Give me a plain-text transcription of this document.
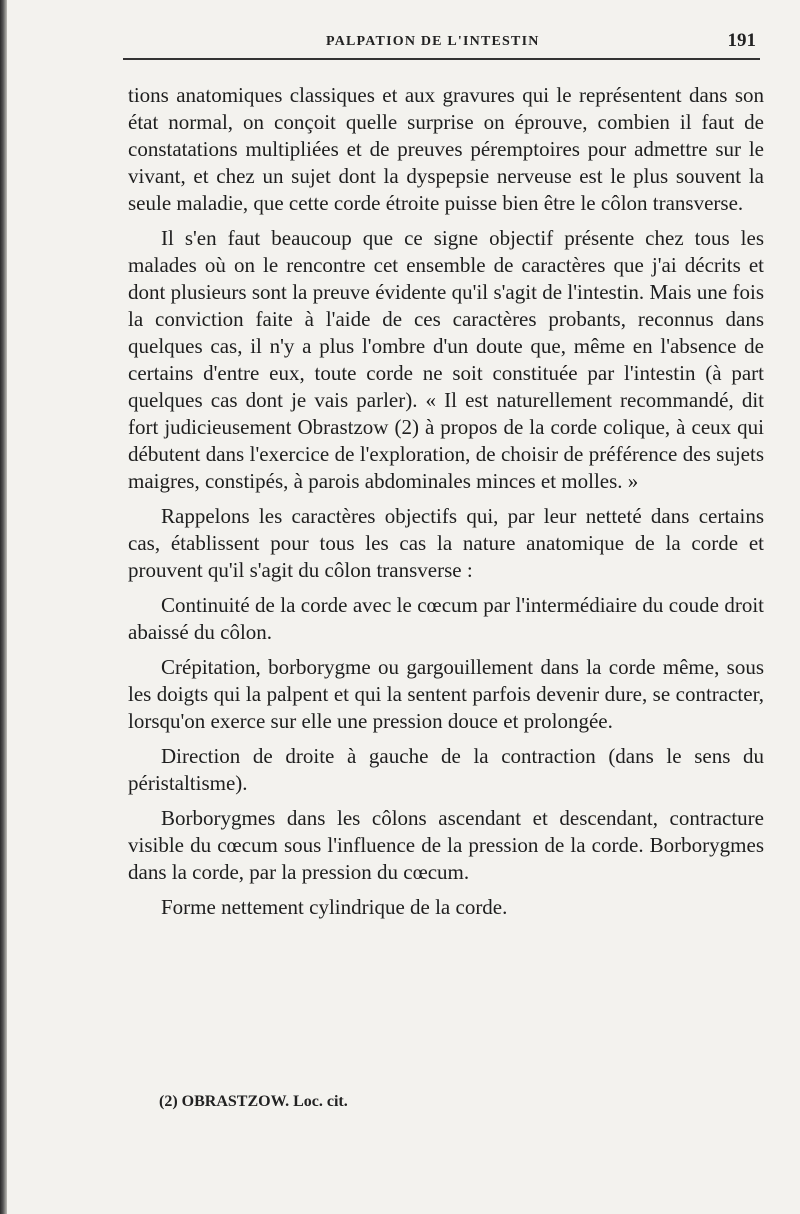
PALPATION DE L'INTESTIN	191

tions anatomiques classiques et aux gravures qui le représentent dans son état normal, on conçoit quelle surprise on éprouve, combien il faut de constatations multipliées et de preuves péremptoires pour admettre sur le vivant, et chez un sujet dont la dyspepsie nerveuse est le plus souvent la seule maladie, que cette corde étroite puisse bien être le côlon transverse.

Il s'en faut beaucoup que ce signe objectif présente chez tous les malades où on le rencontre cet ensemble de caractères que j'ai décrits et dont plusieurs sont la preuve évidente qu'il s'agit de l'intestin. Mais une fois la conviction faite à l'aide de ces caractères probants, reconnus dans quelques cas, il n'y a plus l'ombre d'un doute que, même en l'absence de certains d'entre eux, toute corde ne soit constituée par l'intestin (à part quelques cas dont je vais parler). « Il est naturellement recommandé, dit fort judicieusement Obrastzow (2) à propos de la corde colique, à ceux qui débutent dans l'exercice de l'exploration, de choisir de préférence des sujets maigres, constipés, à parois abdominales minces et molles. »

Rappelons les caractères objectifs qui, par leur netteté dans certains cas, établissent pour tous les cas la nature anatomique de la corde et prouvent qu'il s'agit du côlon transverse :

Continuité de la corde avec le cœcum par l'intermédiaire du coude droit abaissé du côlon.

Crépitation, borborygme ou gargouillement dans la corde même, sous les doigts qui la palpent et qui la sentent parfois devenir dure, se contracter, lorsqu'on exerce sur elle une pression douce et prolongée.

Direction de droite à gauche de la contraction (dans le sens du péristaltisme).

Borborygmes dans les côlons ascendant et descendant, contracture visible du cœcum sous l'influence de la pression de la corde. Borborygmes dans la corde, par la pression du cœcum.

Forme nettement cylindrique de la corde.

(2) OBRASTZOW. Loc. cit.
